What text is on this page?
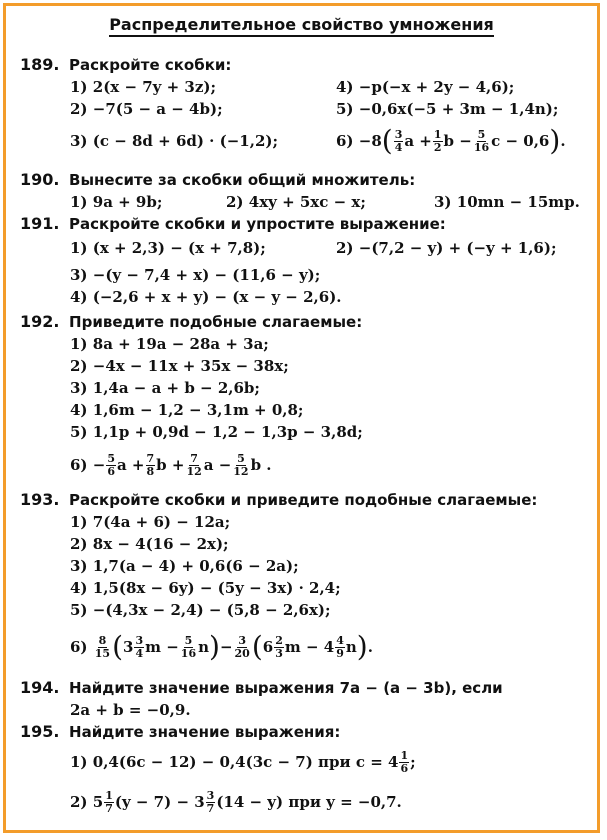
Распределительное свойство умножения
189.
Раскройте скобки:
1) 2(x − 7y + 3z);	4) −p(−x + 2y − 4,6);
2) −7(5 − a − 4b);	5) −0,6x(−5 + 3m − 1,4n);
3) (c − 8d + 6d) · (−1,2);	6) −8 ( $\frac{3}{4}$ $a + \frac{1}{2}$ $b - \frac{5}{16}$ c − 0,6 ) .
190.
Вынесите за скобки общий множитель:
1) 9a + 9b;	2) 4xy + 5xc − x;	3) 10mn − 15mp.
191.
Раскройте скобки и упростите выражение:
1) (x + 2,3) − (x + 7,8);	2) −(7,2 − y) + (−y + 1,6);
3) −(y − 7,4 + x) − (11,6 − y);
4) (−2,6 + x + y) − (x − y − 2,6).
192.
Приведите подобные слагаемые:
1) 8a + 19a − 28a + 3a;
2) −4x − 11x + 35x − 38x;
3) 1,4a − a + b − 2,6b;
4) 1,6m − 1,2 − 3,1m + 0,8;
5) 1,1p + 0,9d − 1,2 − 1,3p − 3,8d;
$6) - \frac{5}{6}$ $a + \frac{7}{8}$ $b + \frac{7}{12}$ $a - \frac{5}{12}$ b .
193.
Раскройте скобки и приведите подобные слагаемые:
1) 7(4a + 6) − 12a;
2) 8x − 4(16 − 2x);
3) 1,7(a − 4) + 0,6(6 − 2a);
4) 1,5(8x − 6y) − (5y − 3x) · 2,4;
5) −(4,3x − 2,4) − (5,8 − 2,6x);
6)
$\frac{8}{15}$ ( $3 \frac{3}{4}$ $m - \frac{5}{16}$ n ) − $\frac{3}{20}$ ( $6 \frac{2}{3}$ $m - 4 \frac{4}{9}$ n ) .
194.
Найдите значение выражения 7a − (a − 3b), если
2a + b = −0,9.
195.
Найдите значение выражения:
1) 0,4(6c − 12) − 0,4(3c − 7) при $c = 4 \frac{1}{6}$ ;
2) $5 \frac{1}{7} (y - 7) - 3 \frac{3}{7} (14 - y)$ при y = −0,7.
